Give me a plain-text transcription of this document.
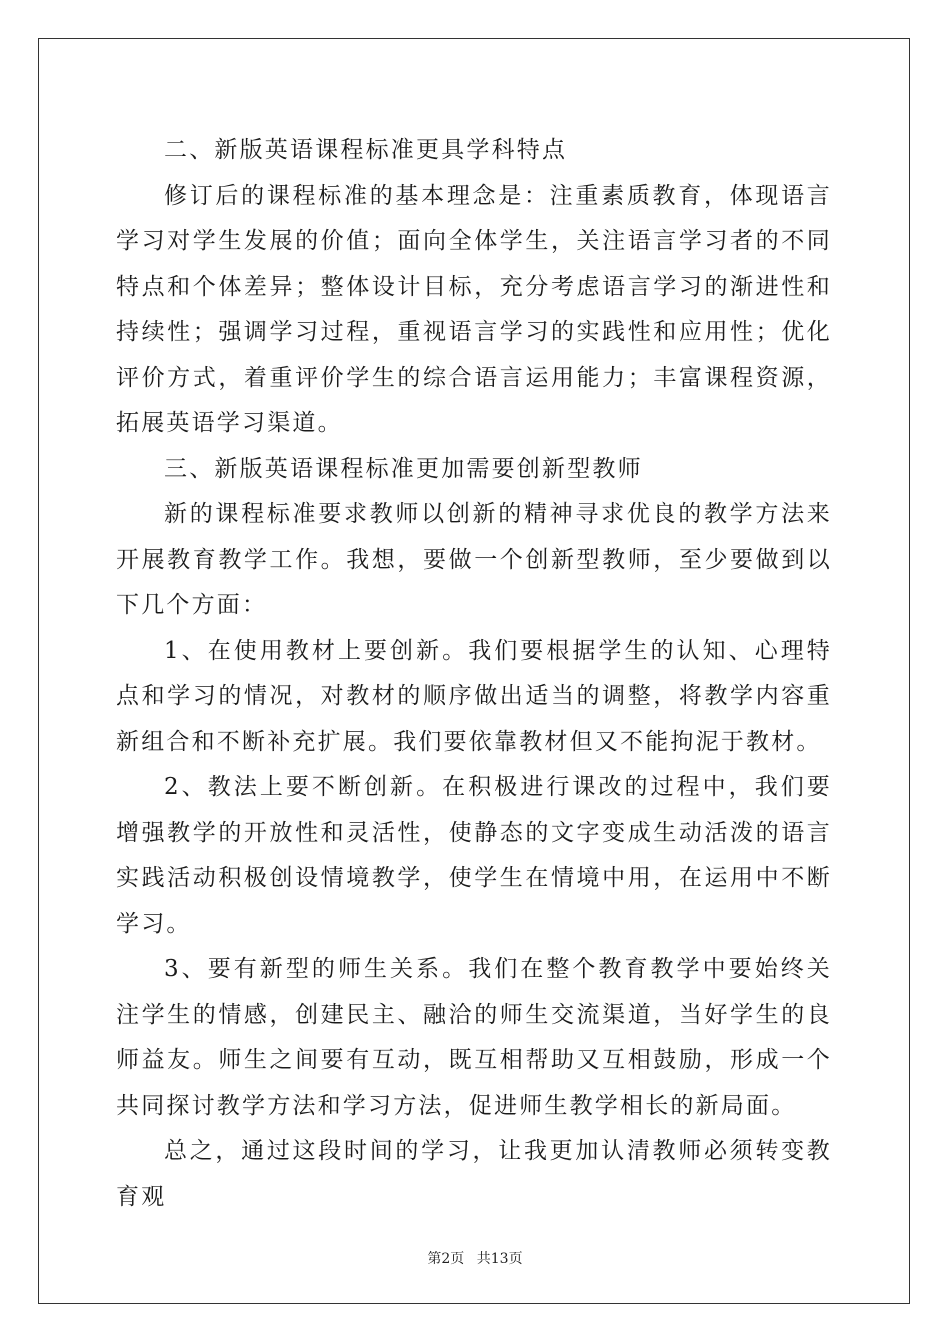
二、新版英语课程标准更具学科特点

修订后的课程标准的基本理念是：注重素质教育，体现语言学习对学生发展的价值；面向全体学生，关注语言学习者的不同特点和个体差异；整体设计目标，充分考虑语言学习的渐进性和持续性；强调学习过程，重视语言学习的实践性和应用性；优化评价方式，着重评价学生的综合语言运用能力；丰富课程资源，拓展英语学习渠道。

三、新版英语课程标准更加需要创新型教师

新的课程标准要求教师以创新的精神寻求优良的教学方法来开展教育教学工作。我想，要做一个创新型教师，至少要做到以下几个方面：

1、在使用教材上要创新。我们要根据学生的认知、心理特点和学习的情况，对教材的顺序做出适当的调整，将教学内容重新组合和不断补充扩展。我们要依靠教材但又不能拘泥于教材。

2、教法上要不断创新。在积极进行课改的过程中，我们要增强教学的开放性和灵活性，使静态的文字变成生动活泼的语言实践活动积极创设情境教学，使学生在情境中用，在运用中不断学习。

3、要有新型的师生关系。我们在整个教育教学中要始终关注学生的情感，创建民主、融洽的师生交流渠道，当好学生的良师益友。师生之间要有互动，既互相帮助又互相鼓励，形成一个共同探讨教学方法和学习方法，促进师生教学相长的新局面。

总之，通过这段时间的学习，让我更加认清教师必须转变教育观

第2页 共13页
